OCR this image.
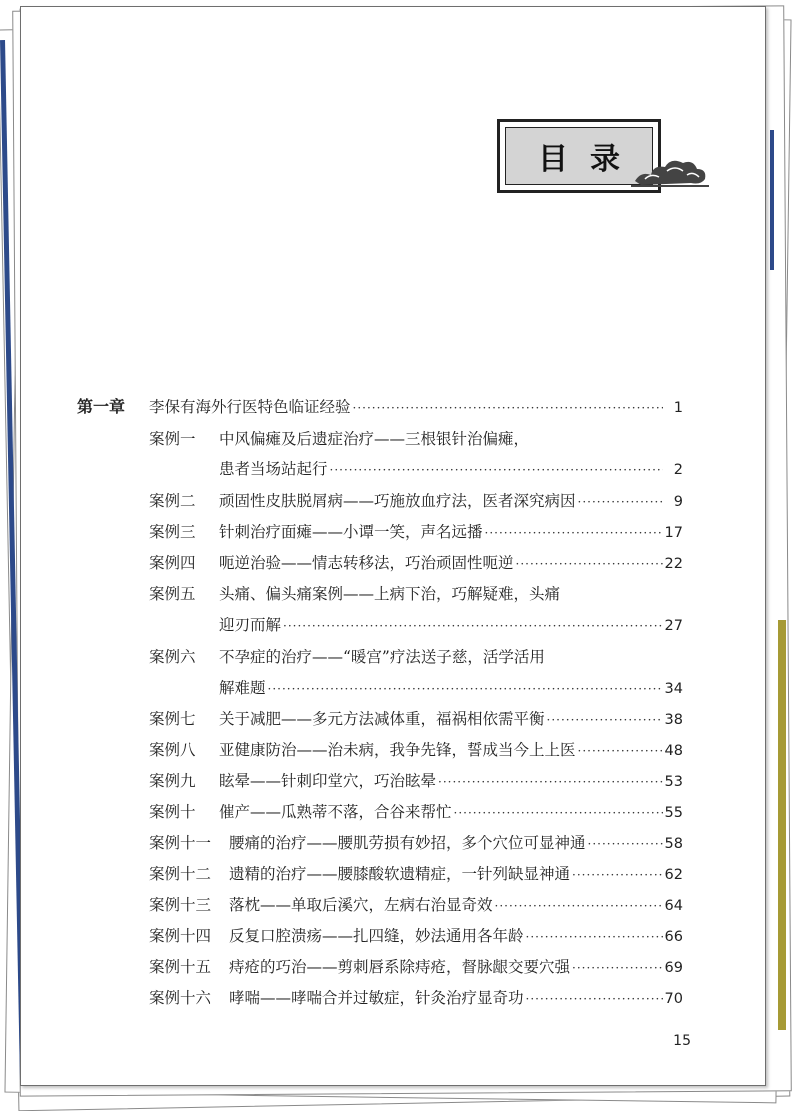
目录
第一章	李保有海外行医特色临证经验 ·····	1
案例一	中风偏瘫及后遗症治疗——三根银针治偏瘫，
患者当场站起行 ·····	2
案例二	顽固性皮肤脱屑病——巧施放血疗法，医者深究病因 ·····	9
案例三	针刺治疗面瘫——小谭一笑，声名远播 ·····	17
案例四	呃逆治验——情志转移法，巧治顽固性呃逆 ·····	22
案例五	头痛、偏头痛案例——上病下治，巧解疑难，头痛
迎刃而解 ·····	27
案例六	不孕症的治疗——“暖宫”疗法送子慈，活学活用
解难题 ·····	34
案例七	关于减肥——多元方法减体重，福祸相依需平衡 ·····	38
案例八	亚健康防治——治未病，我争先锋，誓成当今上上医 ·····	48
案例九	眩晕——针刺印堂穴，巧治眩晕 ·····	53
案例十	催产——瓜熟蒂不落，合谷来帮忙 ·····	55
案例十一	腰痛的治疗——腰肌劳损有妙招，多个穴位可显神通 ·····	58
案例十二	遗精的治疗——腰膝酸软遗精症，一针列缺显神通 ·····	62
案例十三	落枕——单取后溪穴，左病右治显奇效 ·····	64
案例十四	反复口腔溃疡——扎四缝，妙法通用各年龄 ·····	66
案例十五	痔疮的巧治——剪刺唇系除痔疮，督脉龈交要穴强 ·····	69
案例十六	哮喘——哮喘合并过敏症，针灸治疗显奇功 ·····	70
15
